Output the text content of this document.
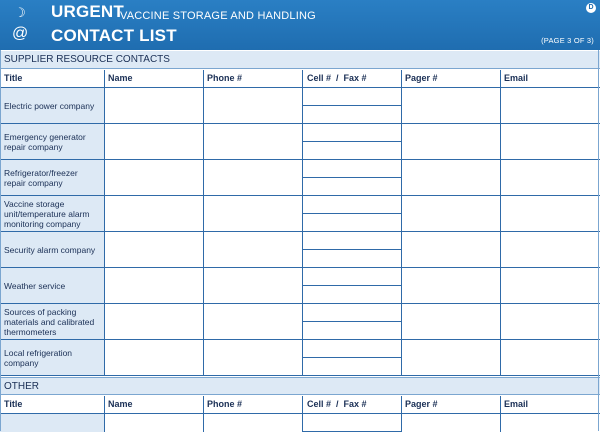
☽
@
URGENT
VACCINE STORAGE AND HANDLING
CONTACT LIST	(PAGE 3 OF 3)
D
SUPPLIER RESOURCE CONTACTS
Title	Name	Phone #	Cell #  /  Fax #	Pager #	Email
Electric power company
Emergency generator repair company
Refrigerator/freezer repair company
Vaccine storage unit/temperature alarm monitoring company
Security alarm company
Weather service
Sources of packing materials and calibrated thermometers
Local refrigeration company
OTHER
Title	Name	Phone #	Cell #  /  Fax #	Pager #	Email
